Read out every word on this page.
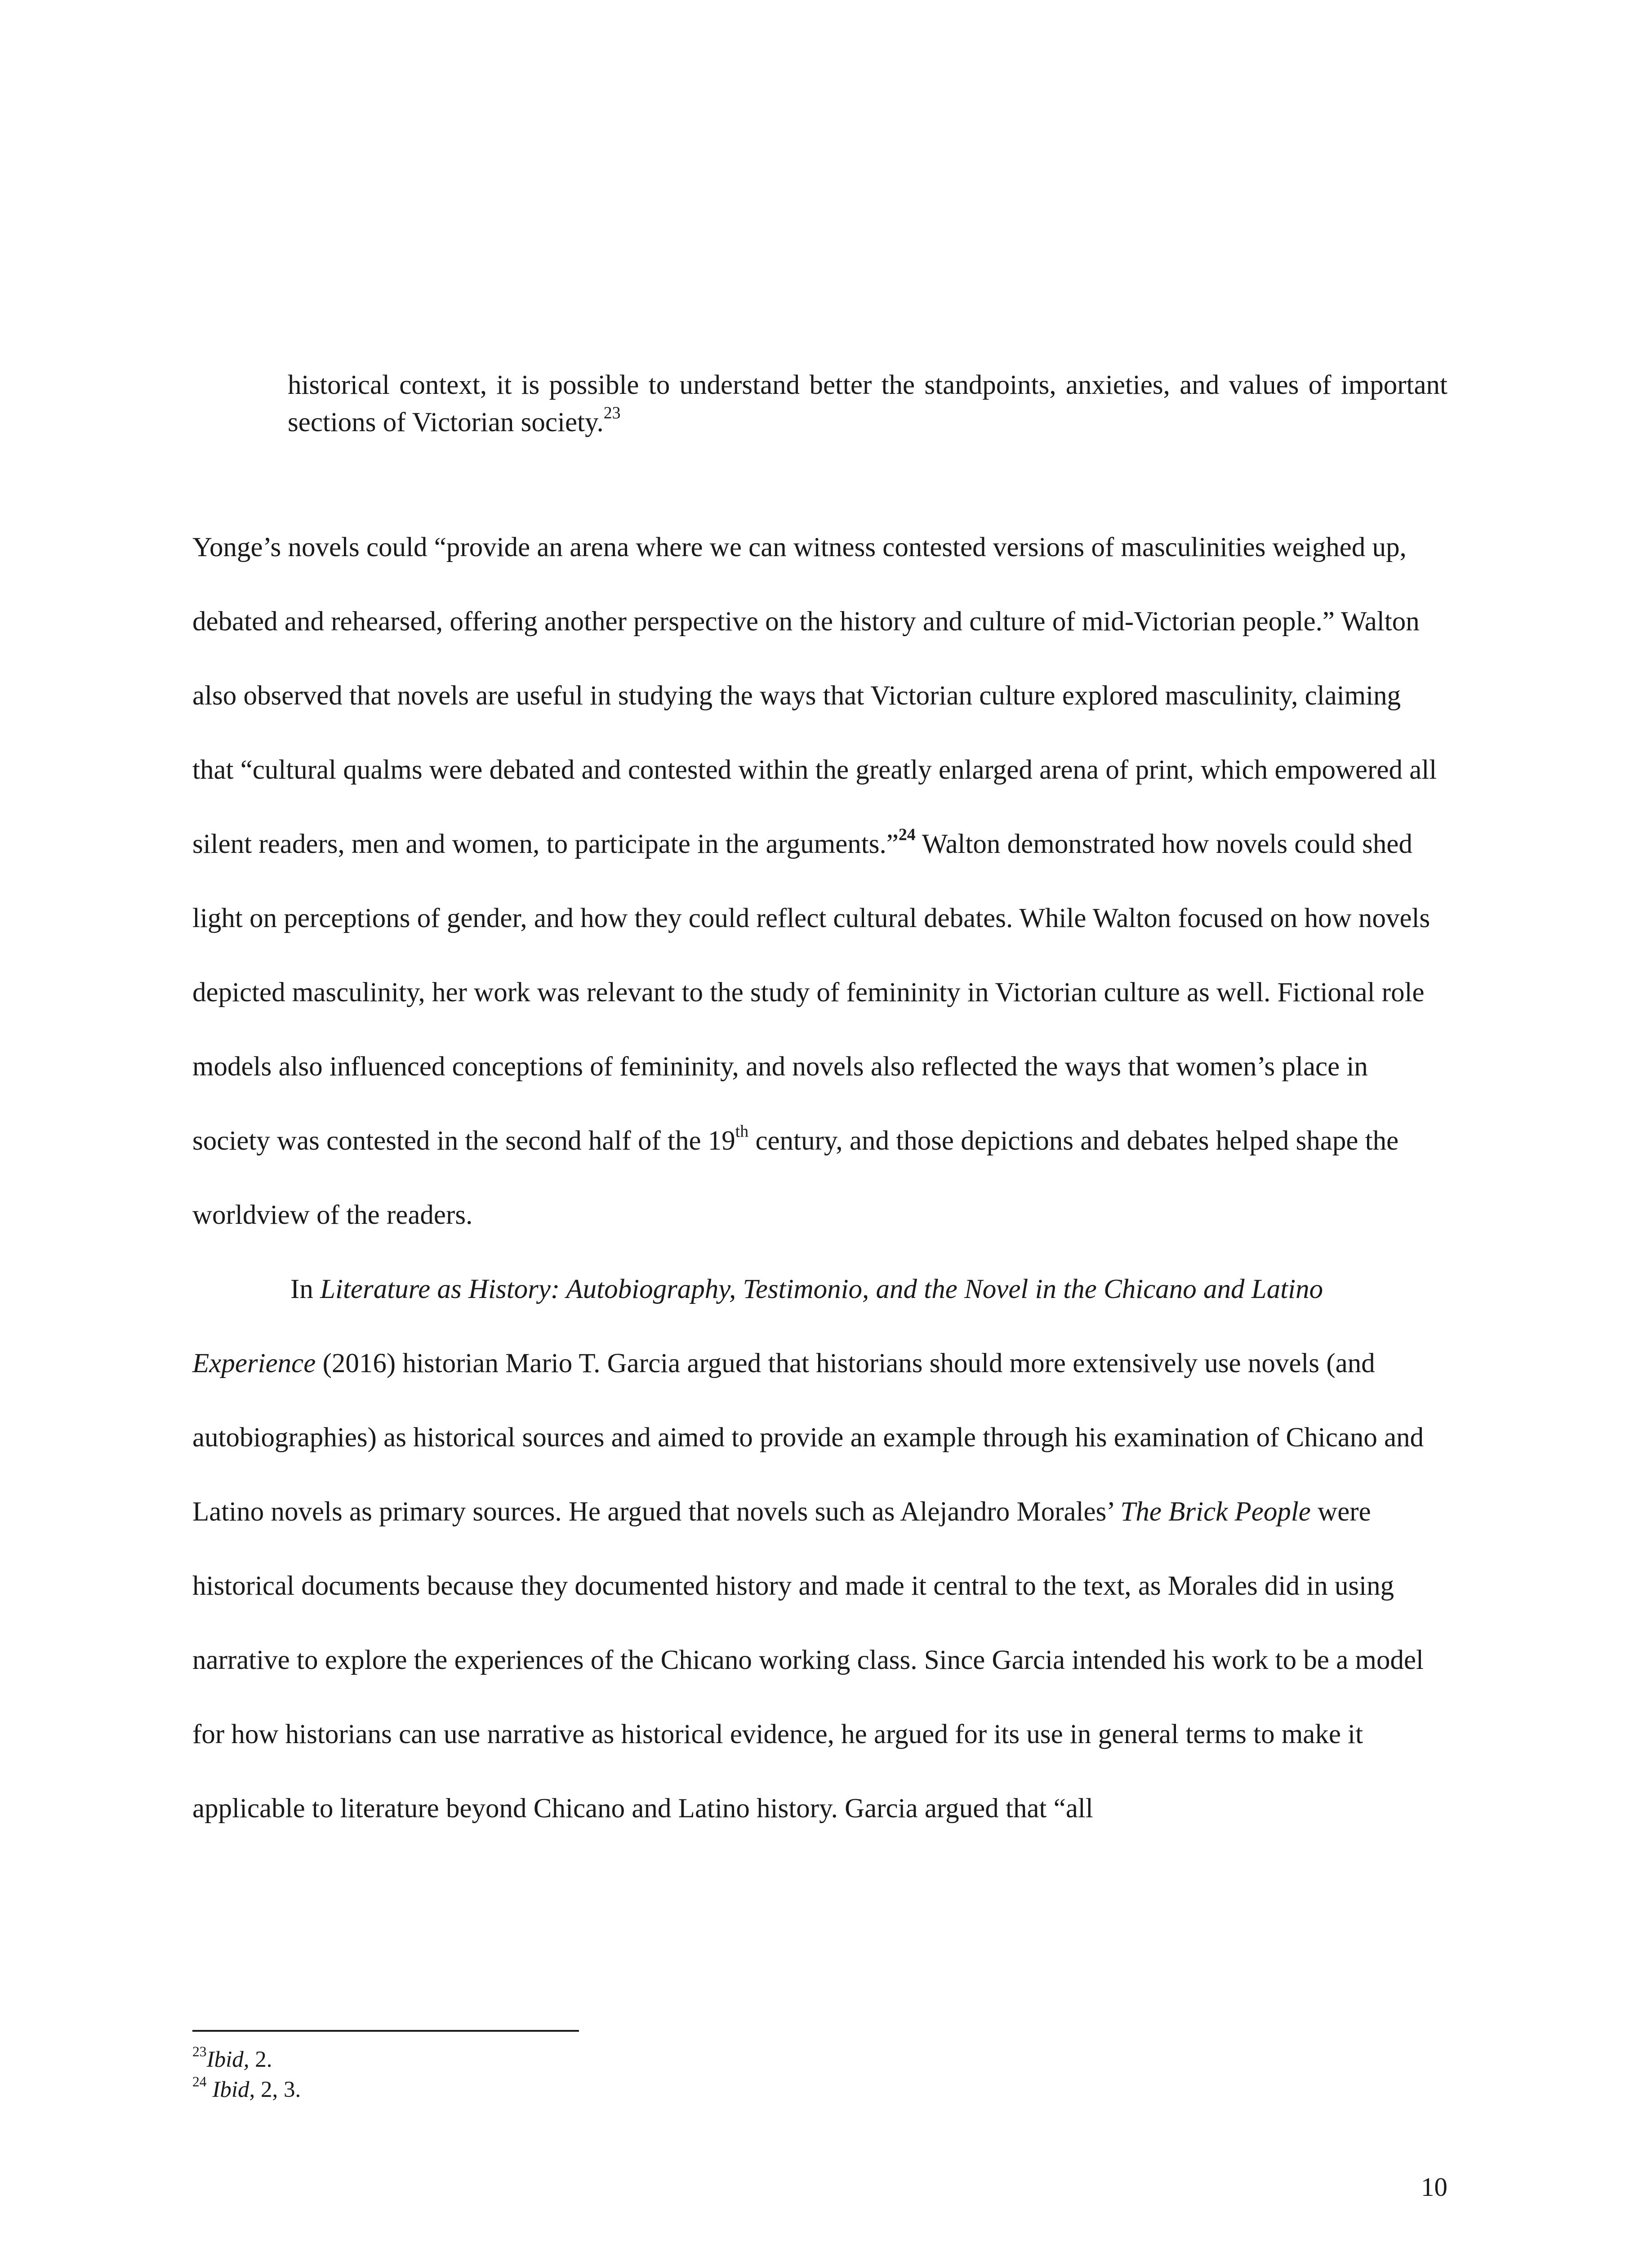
historical context, it is possible to understand better the standpoints, anxieties, and values of important sections of Victorian society.$^{23}$

Yonge’s novels could “provide an arena where we can witness contested versions of masculinities weighed up, debated and rehearsed, offering another perspective on the history and culture of mid-Victorian people.” Walton also observed that novels are useful in studying the ways that Victorian culture explored masculinity, claiming that “cultural qualms were debated and contested within the greatly enlarged arena of print, which empowered all silent readers, men and women, to participate in the arguments.”$^{24}$ Walton demonstrated how novels could shed light on perceptions of gender, and how they could reflect cultural debates. While Walton focused on how novels depicted masculinity, her work was relevant to the study of femininity in Victorian culture as well. Fictional role models also influenced conceptions of femininity, and novels also reflected the ways that women’s place in society was contested in the second half of the 19th century, and those depictions and debates helped shape the worldview of the readers.

In Literature as History: Autobiography, Testimonio, and the Novel in the Chicano and Latino Experience (2016) historian Mario T. Garcia argued that historians should more extensively use novels (and autobiographies) as historical sources and aimed to provide an example through his examination of Chicano and Latino novels as primary sources. He argued that novels such as Alejandro Morales’ The Brick People were historical documents because they documented history and made it central to the text, as Morales did in using narrative to explore the experiences of the Chicano working class. Since Garcia intended his work to be a model for how historians can use narrative as historical evidence, he argued for its use in general terms to make it applicable to literature beyond Chicano and Latino history. Garcia argued that “all

$^{23}$Ibid, 2.
$^{24}$ Ibid, 2, 3.
10
